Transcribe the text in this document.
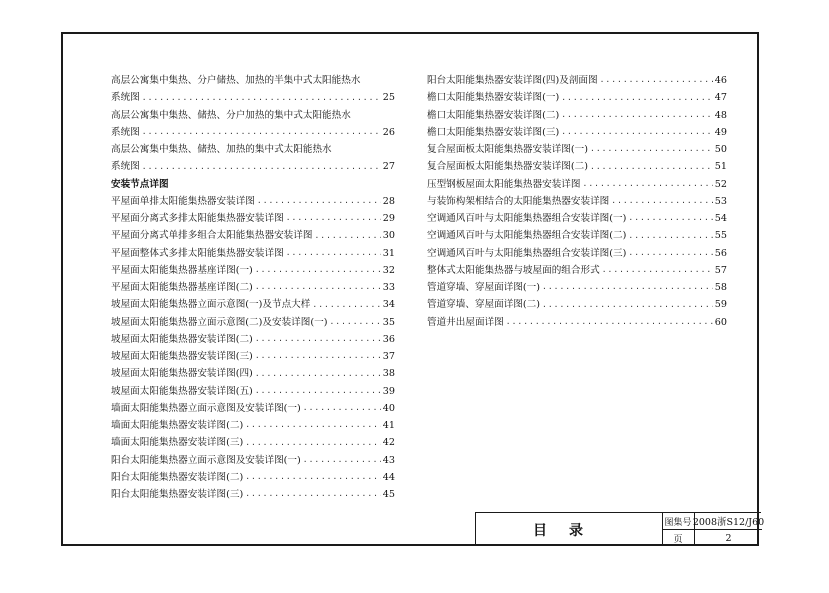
高层公寓集中集热、分户储热、加热的半集中式太阳能热水
系统图 ·····	25
高层公寓集中集热、储热、分户加热的集中式太阳能热水
系统图 ·····	26
高层公寓集中集热、储热、加热的集中式太阳能热水
系统图 ·····	27
安装节点详图
平屋面单排太阳能集热器安装详图 ·····	28
平屋面分离式多排太阳能集热器安装详图 ·····	29
平屋面分离式单排多组合太阳能集热器安装详图 ·····	30
平屋面整体式多排太阳能集热器安装详图 ·····	31
平屋面太阳能集热器基座详图(一) ·····	32
平屋面太阳能集热器基座详图(二) ·····	33
坡屋面太阳能集热器立面示意图(一)及节点大样 ·····	34
坡屋面太阳能集热器立面示意图(二)及安装详图(一) ·····	35
坡屋面太阳能集热器安装详图(二) ·····	36
坡屋面太阳能集热器安装详图(三) ·····	37
坡屋面太阳能集热器安装详图(四) ·····	38
坡屋面太阳能集热器安装详图(五) ·····	39
墙面太阳能集热器立面示意图及安装详图(一) ·····	40
墙面太阳能集热器安装详图(二) ·····	41
墙面太阳能集热器安装详图(三) ·····	42
阳台太阳能集热器立面示意图及安装详图(一) ·····	43
阳台太阳能集热器安装详图(二) ·····	44
阳台太阳能集热器安装详图(三) ·····	45
阳台太阳能集热器安装详图(四)及剖面图 ·····	46
檐口太阳能集热器安装详图(一) ·····	47
檐口太阳能集热器安装详图(二) ·····	48
檐口太阳能集热器安装详图(三) ·····	49
复合屋面板太阳能集热器安装详图(一) ·····	50
复合屋面板太阳能集热器安装详图(二) ·····	51
压型钢板屋面太阳能集热器安装详图 ·····	52
与装饰构架相结合的太阳能集热器安装详图 ·····	53
空调通风百叶与太阳能集热器组合安装详图(一) ·····	54
空调通风百叶与太阳能集热器组合安装详图(二) ·····	55
空调通风百叶与太阳能集热器组合安装详图(三) ·····	56
整体式太阳能集热器与坡屋面的组合形式 ·····	57
管道穿墙、穿屋面详图(一) ·····	58
管道穿墙、穿屋面详图(二) ·····	59
管道井出屋面详图 ·····	60
目录	图集号 2008浙S12/J60
页	2
